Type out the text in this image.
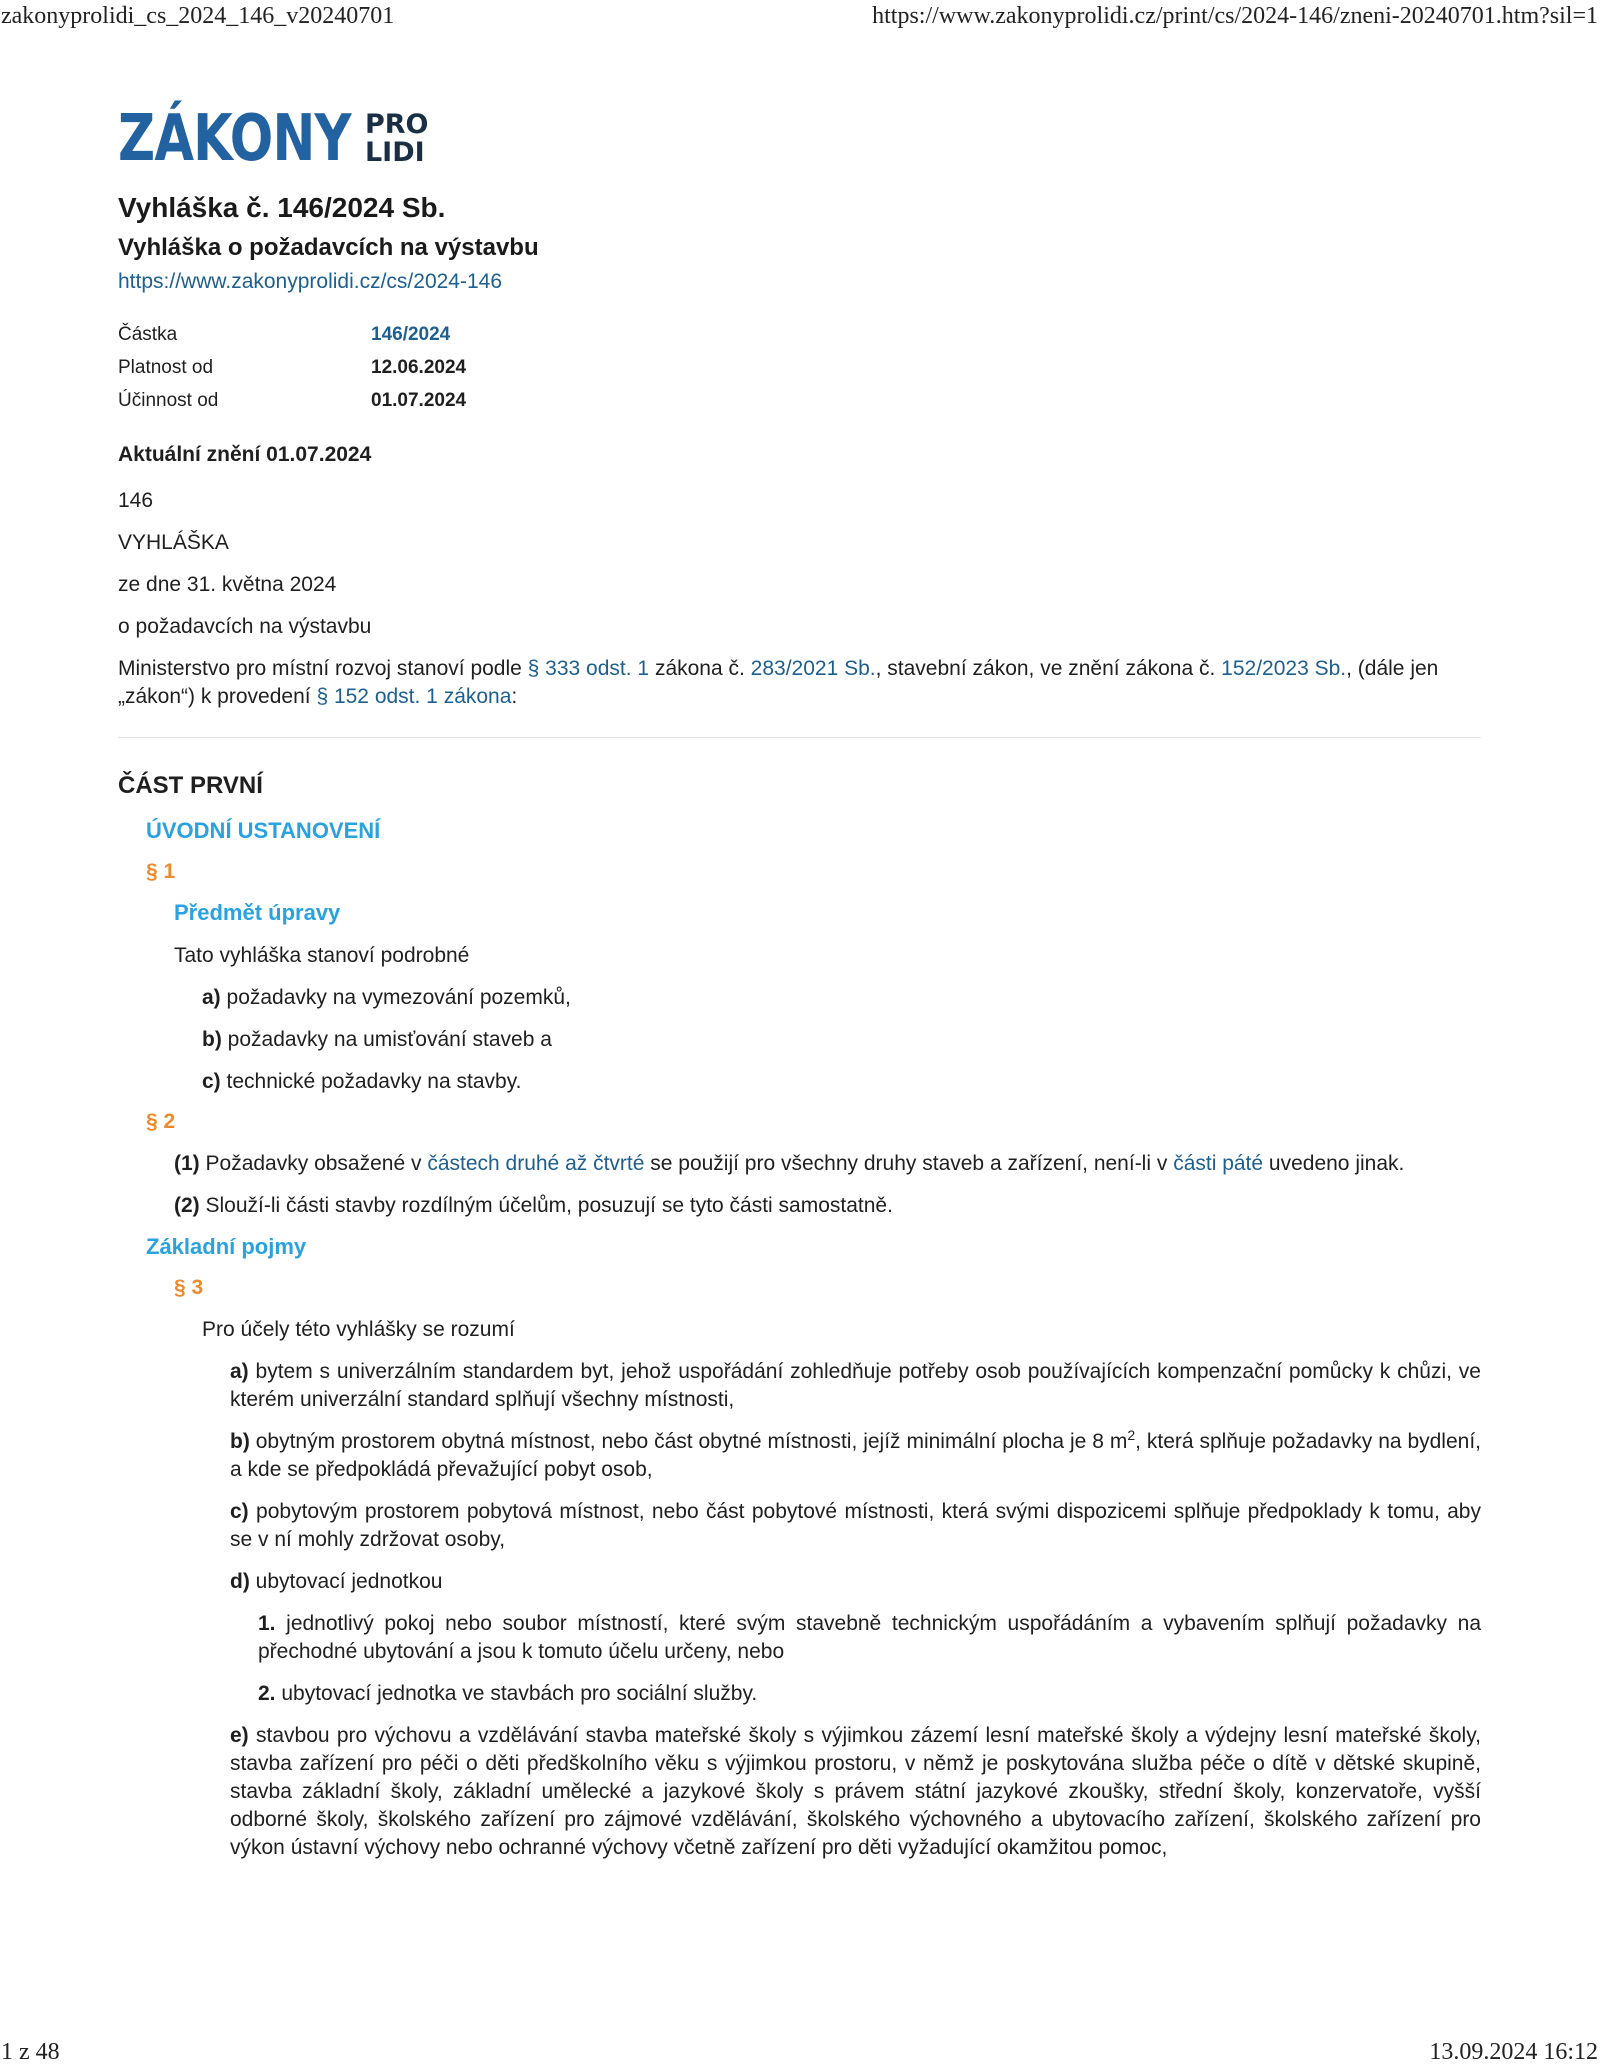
zakonyprolidi_cs_2024_146_v20240701	https://www.zakonyprolidi.cz/print/cs/2024-146/zneni-20240701.htm?sil=1
ZÁKONY PRO
LIDI
Vyhláška č. 146/2024 Sb.
Vyhláška o požadavcích na výstavbu
https://www.zakonyprolidi.cz/cs/2024-146
Částka	146/2024
Platnost od	12.06.2024
Účinnost od	01.07.2024
Aktuální znění 01.07.2024

146

VYHLÁŠKA

ze dne 31. května 2024

o požadavcích na výstavbu

Ministerstvo pro místní rozvoj stanoví podle § 333 odst. 1 zákona č. 283/2021 Sb., stavební zákon, ve znění zákona č. 152/2023 Sb., (dále jen „zákon“) k provedení § 152 odst. 1 zákona:

ČÁST PRVNÍ
ÚVODNÍ USTANOVENÍ
§ 1
Předmět úpravy

Tato vyhláška stanoví podrobné

a) požadavky na vymezování pozemků,

b) požadavky na umisťování staveb a

c) technické požadavky na stavby.

§ 2

(1) Požadavky obsažené v částech druhé až čtvrté se použijí pro všechny druhy staveb a zařízení, není-li v části páté uvedeno jinak.

(2) Slouží-li části stavby rozdílným účelům, posuzují se tyto části samostatně.

Základní pojmy
§ 3

Pro účely této vyhlášky se rozumí

a) bytem s univerzálním standardem byt, jehož uspořádání zohledňuje potřeby osob používajících kompenzační pomůcky k chůzi, ve kterém univerzální standard splňují všechny místnosti,

b) obytným prostorem obytná místnost, nebo část obytné místnosti, jejíž minimální plocha je 8 $m^2$, která splňuje požadavky na bydlení, a kde se předpokládá převažující pobyt osob,

c) pobytovým prostorem pobytová místnost, nebo část pobytové místnosti, která svými dispozicemi splňuje předpoklady k tomu, aby se v ní mohly zdržovat osoby,

d) ubytovací jednotkou

1. jednotlivý pokoj nebo soubor místností, které svým stavebně technickým uspořádáním a vybavením splňují požadavky na přechodné ubytování a jsou k tomuto účelu určeny, nebo

2. ubytovací jednotka ve stavbách pro sociální služby.

e) stavbou pro výchovu a vzdělávání stavba mateřské školy s výjimkou zázemí lesní mateřské školy a výdejny lesní mateřské školy, stavba zařízení pro péči o děti předškolního věku s výjimkou prostoru, v němž je poskytována služba péče o dítě v dětské skupině, stavba základní školy, základní umělecké a jazykové školy s právem státní jazykové zkoušky, střední školy, konzervatoře, vyšší odborné školy, školského zařízení pro zájmové vzdělávání, školského výchovného a ubytovacího zařízení, školského zařízení pro výkon ústavní výchovy nebo ochranné výchovy včetně zařízení pro děti vyžadující okamžitou pomoc,

1 z 48	13.09.2024 16:12
